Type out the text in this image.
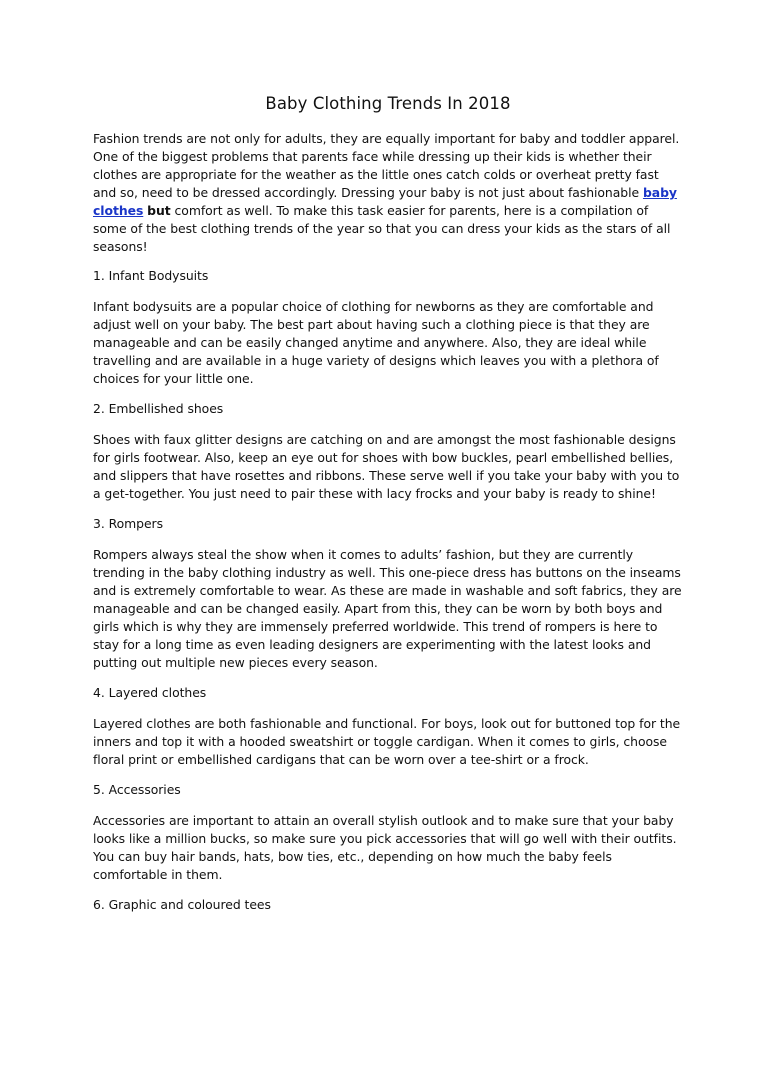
Baby Clothing Trends In 2018

Fashion trends are not only for adults, they are equally important for baby and toddler apparel. One of the biggest problems that parents face while dressing up their kids is whether their clothes are appropriate for the weather as the little ones catch colds or overheat pretty fast and so, need to be dressed accordingly. Dressing your baby is not just about fashionable baby clothes but comfort as well. To make this task easier for parents, here is a compilation of some of the best clothing trends of the year so that you can dress your kids as the stars of all seasons!

1. Infant Bodysuits

Infant bodysuits are a popular choice of clothing for newborns as they are comfortable and adjust well on your baby. The best part about having such a clothing piece is that they are manageable and can be easily changed anytime and anywhere. Also, they are ideal while travelling and are available in a huge variety of designs which leaves you with a plethora of choices for your little one.

2. Embellished shoes

Shoes with faux glitter designs are catching on and are amongst the most fashionable designs for girls footwear. Also, keep an eye out for shoes with bow buckles, pearl embellished bellies, and slippers that have rosettes and ribbons. These serve well if you take your baby with you to a get-together. You just need to pair these with lacy frocks and your baby is ready to shine!

3. Rompers

Rompers always steal the show when it comes to adults’ fashion, but they are currently trending in the baby clothing industry as well. This one-piece dress has buttons on the inseams and is extremely comfortable to wear. As these are made in washable and soft fabrics, they are manageable and can be changed easily. Apart from this, they can be worn by both boys and girls which is why they are immensely preferred worldwide. This trend of rompers is here to stay for a long time as even leading designers are experimenting with the latest looks and putting out multiple new pieces every season.

4. Layered clothes

Layered clothes are both fashionable and functional. For boys, look out for buttoned top for the inners and top it with a hooded sweatshirt or toggle cardigan. When it comes to girls, choose floral print or embellished cardigans that can be worn over a tee-shirt or a frock.

5. Accessories

Accessories are important to attain an overall stylish outlook and to make sure that your baby looks like a million bucks, so make sure you pick accessories that will go well with their outfits. You can buy hair bands, hats, bow ties, etc., depending on how much the baby feels comfortable in them.

6. Graphic and coloured tees
